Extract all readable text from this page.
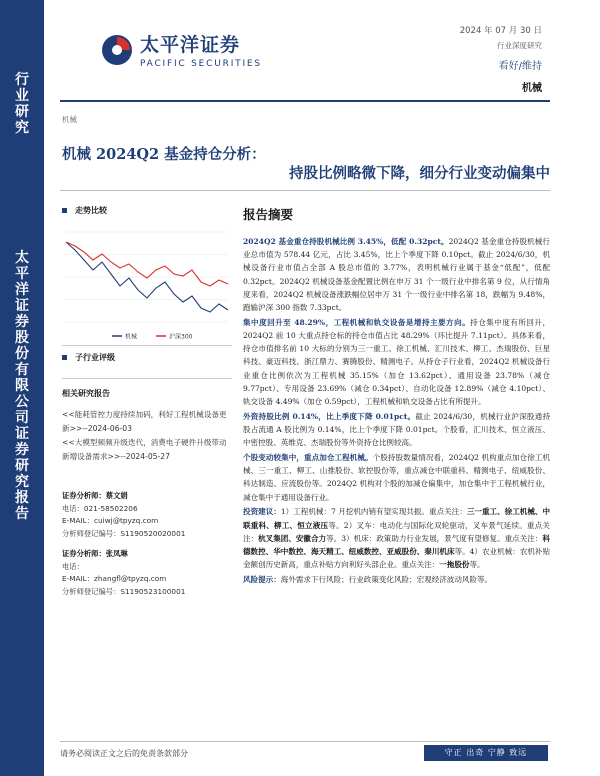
行
业
研
究
太
平
洋
证
券
股
份
有
限
公
司
证
券
研
究
报
告
太平洋证券
PACIFIC SECURITIES
2024 年 07 月 30 日
行业深度研究
看好/维持
机械
机械
机械 2024Q2 基金持仓分析：
持股比例略微下降，细分行业变动偏集中
走势比较
机械	沪深300
子行业评级
相关研究报告

<<能耗管控力度持续加码，利好工程机械设备更新>>--2024-06-03

<<大模型频频升级迭代，消费电子硬件升级带动新增设备需求>>--2024-05-27

证券分析师：蔡文娟
电话：021-58502206
E-MAIL：cuiwj@tpyzq.com
分析师登记编号：S1190520020001
证券分析师：张凤琳
电话：
E-MAIL：zhangfl@tpyzq.com
分析师登记编号：S1190523100001
报告摘要

2024Q2 基金重仓持股机械比例 3.45%，低配 0.32pct。2024Q2 基金重仓持股机械行业总市值为 578.44 亿元，占比 3.45%，比上个季度下降 0.10pct。截止 2024/6/30，机械设备行业市值占全部 A 股总市值的 3.77%，表明机械行业属于基金“低配”，低配 0.32pct。2024Q2 机械设备基金配置比例在申万 31 个一级行业中排名第 9 位，从行情角度来看，2024Q2 机械设备涨跌幅位居申万 31 个一级行业中排名第 18，跌幅为 9.48%，跑输沪深 300 指数 7.33pct。

集中度回升至 48.29%，工程机械和轨交设备是增持主要方向。持仓集中度有所回升，2024Q2 前 10 大重点持仓标的持仓市值占比 48.29%（环比提升 7.11pct）。具体来看，持仓市值排名前 10 大标的分别为三一重工、徐工机械、汇川技术、柳工、杰瑞股份、巨星科技、豪迈科技、浙江鼎力、赛腾股份、精测电子。从持仓子行业看，2024Q2 机械设备行业重仓比例依次为工程机械 35.15%（加仓 13.62pct）、通用设备 23.78%（减仓 9.77pct）、专用设备 23.69%（减仓 0.34pct）、自动化设备 12.89%（减仓 4.10pct）、轨交设备 4.49%（加仓 0.59pct），工程机械和轨交设备占比有所提升。

外资持股比例 0.14%，比上季度下降 0.01pct。截止 2024/6/30，机械行业沪深股通持股占流通 A 股比例为 0.14%，比上个季度下降 0.01pct。个股看，汇川技术、恒立液压、中密控股、英维克、杰瑞股份等外资持仓比例较高。

个股变动较集中，重点加仓工程机械。个股持股数量情况看，2024Q2 机构重点加仓徐工机械、三一重工、柳工、山推股份、软控股份等，重点减仓中联重科、精测电子、纽威股份、科达制造、应流股份等。2024Q2 机构对个股的加减仓偏集中，加仓集中于工程机械行业，减仓集中于通用设备行业。

投资建议：1）工程机械：7 月挖机内销有望实现共振。重点关注：三一重工、徐工机械、中联重科、柳工、恒立液压等。2）叉车：电动化与国际化双轮驱动，叉车景气延续。重点关注：杭叉集团、安徽合力等。3）机床：政策助力行业发展，景气度有望修复。重点关注：科德数控、华中数控、海天精工、纽威数控、亚威股份、秦川机床等。4）农业机械：农机补贴金额创历史新高，重点补贴方向利好头部企业。重点关注：一拖股份等。

风险提示：海外需求下行风险；行业政策变化风险；宏观经济波动风险等。

请务必阅读正文之后的免责条款部分	守正 出奇 宁静 致远
